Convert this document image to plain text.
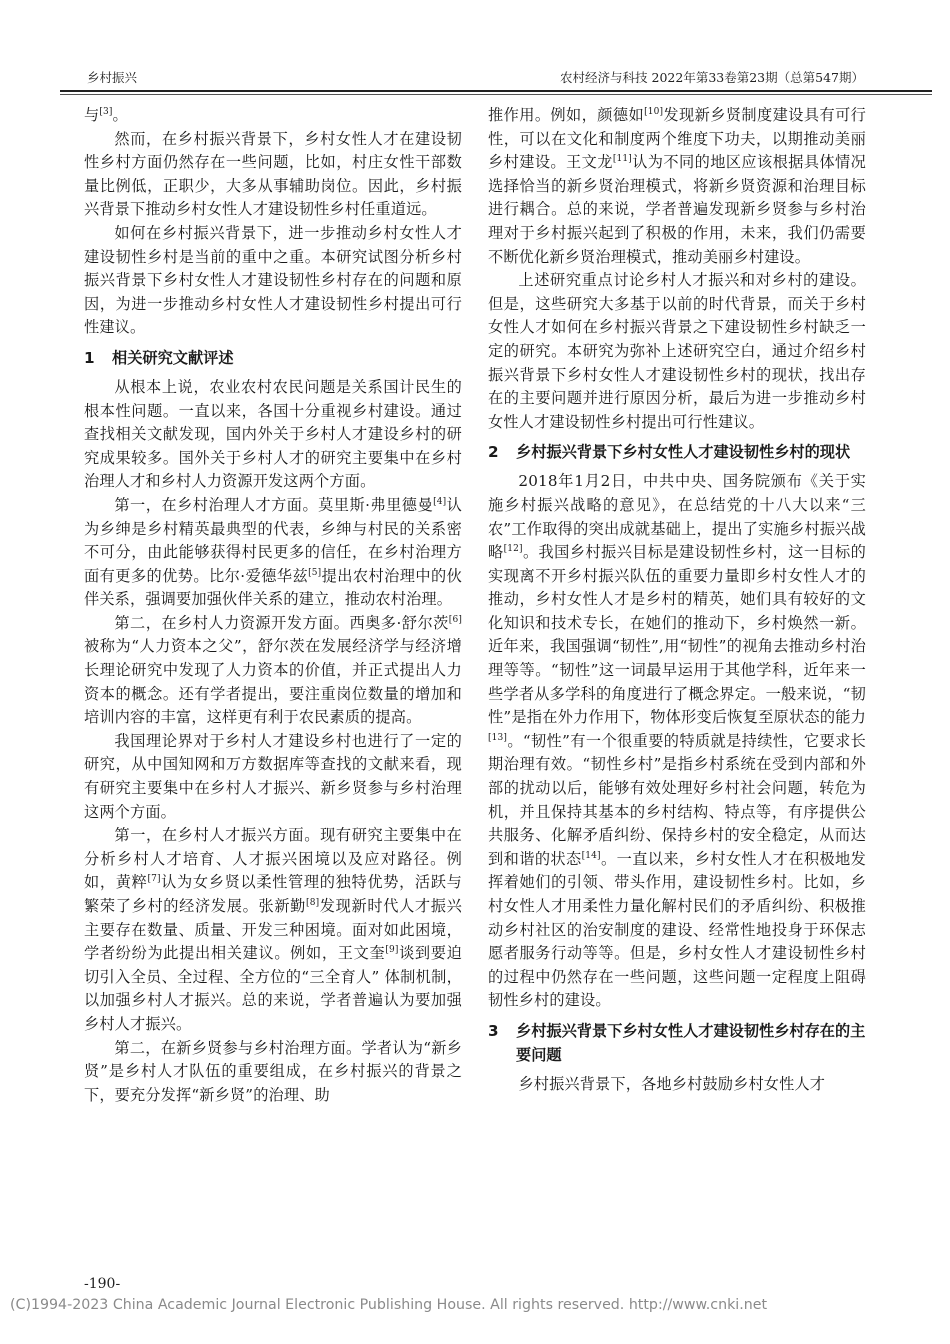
乡村振兴	农村经济与科技 2022年第33卷第23期（总第547期）

与[3]。

然而，在乡村振兴背景下，乡村女性人才在建设韧性乡村方面仍然存在一些问题，比如，村庄女性干部数量比例低，正职少，大多从事辅助岗位。因此，乡村振兴背景下推动乡村女性人才建设韧性乡村任重道远。

如何在乡村振兴背景下，进一步推动乡村女性人才建设韧性乡村是当前的重中之重。本研究试图分析乡村振兴背景下乡村女性人才建设韧性乡村存在的问题和原因，为进一步推动乡村女性人才建设韧性乡村提出可行性建议。

1 相关研究文献评述

从根本上说，农业农村农民问题是关系国计民生的根本性问题。一直以来，各国十分重视乡村建设。通过查找相关文献发现，国内外关于乡村人才建设乡村的研究成果较多。国外关于乡村人才的研究主要集中在乡村治理人才和乡村人力资源开发这两个方面。

第一，在乡村治理人才方面。莫里斯·弗里德曼[4]认为乡绅是乡村精英最典型的代表，乡绅与村民的关系密不可分，由此能够获得村民更多的信任，在乡村治理方面有更多的优势。比尔·爱德华兹[5]提出农村治理中的伙伴关系，强调要加强伙伴关系的建立，推动农村治理。

第二，在乡村人力资源开发方面。西奥多·舒尔茨[6]被称为“人力资本之父”，舒尔茨在发展经济学与经济增长理论研究中发现了人力资本的价值，并正式提出人力资本的概念。还有学者提出，要注重岗位数量的增加和培训内容的丰富，这样更有利于农民素质的提高。

我国理论界对于乡村人才建设乡村也进行了一定的研究，从中国知网和万方数据库等查找的文献来看，现有研究主要集中在乡村人才振兴、新乡贤参与乡村治理这两个方面。

第一，在乡村人才振兴方面。现有研究主要集中在分析乡村人才培育、人才振兴困境以及应对路径。例如，黄粹[7]认为女乡贤以柔性管理的独特优势，活跃与繁荣了乡村的经济发展。张新勤[8]发现新时代人才振兴主要存在数量、质量、开发三种困境。面对如此困境，学者纷纷为此提出相关建议。例如，王文奎[9]谈到要迫切引入全员、全过程、全方位的“三全育人” 体制机制，以加强乡村人才振兴。总的来说，学者普遍认为要加强乡村人才振兴。

第二，在新乡贤参与乡村治理方面。学者认为“新乡贤”是乡村人才队伍的重要组成，在乡村振兴的背景之下，要充分发挥“新乡贤”的治理、助

推作用。例如，颜德如[10]发现新乡贤制度建设具有可行性，可以在文化和制度两个维度下功夫，以期推动美丽乡村建设。王文龙[11]认为不同的地区应该根据具体情况选择恰当的新乡贤治理模式，将新乡贤资源和治理目标进行耦合。总的来说，学者普遍发现新乡贤参与乡村治理对于乡村振兴起到了积极的作用，未来，我们仍需要不断优化新乡贤治理模式，推动美丽乡村建设。

上述研究重点讨论乡村人才振兴和对乡村的建设。但是，这些研究大多基于以前的时代背景，而关于乡村女性人才如何在乡村振兴背景之下建设韧性乡村缺乏一定的研究。本研究为弥补上述研究空白，通过介绍乡村振兴背景下乡村女性人才建设韧性乡村的现状，找出存在的主要问题并进行原因分析，最后为进一步推动乡村女性人才建设韧性乡村提出可行性建议。

2 乡村振兴背景下乡村女性人才建设韧性乡村的现状

2018年1月2日，中共中央、国务院颁布《关于实施乡村振兴战略的意见》，在总结党的十八大以来“三农”工作取得的突出成就基础上，提出了实施乡村振兴战略[12]。我国乡村振兴目标是建设韧性乡村，这一目标的实现离不开乡村振兴队伍的重要力量即乡村女性人才的推动，乡村女性人才是乡村的精英，她们具有较好的文化知识和技术专长，在她们的推动下，乡村焕然一新。近年来，我国强调“韧性”,用“韧性”的视角去推动乡村治理等等。“韧性”这一词最早运用于其他学科，近年来一些学者从多学科的角度进行了概念界定。一般来说，“韧性”是指在外力作用下，物体形变后恢复至原状态的能力[13]。“韧性”有一个很重要的特质就是持续性，它要求长期治理有效。“韧性乡村”是指乡村系统在受到内部和外部的扰动以后，能够有效处理好乡村社会问题，转危为机，并且保持其基本的乡村结构、特点等，有序提供公共服务、化解矛盾纠纷、保持乡村的安全稳定，从而达到和谐的状态[14]。一直以来，乡村女性人才在积极地发挥着她们的引领、带头作用，建设韧性乡村。比如，乡村女性人才用柔性力量化解村民们的矛盾纠纷、积极推动乡村社区的治安制度的建设、经常性地投身于环保志愿者服务行动等等。但是，乡村女性人才建设韧性乡村的过程中仍然存在一些问题，这些问题一定程度上阻碍韧性乡村的建设。

3 乡村振兴背景下乡村女性人才建设韧性乡村存在的主要问题

乡村振兴背景下，各地乡村鼓励乡村女性人才

-190-
(C)1994-2023 China Academic Journal Electronic Publishing House. All rights reserved. http://www.cnki.net
